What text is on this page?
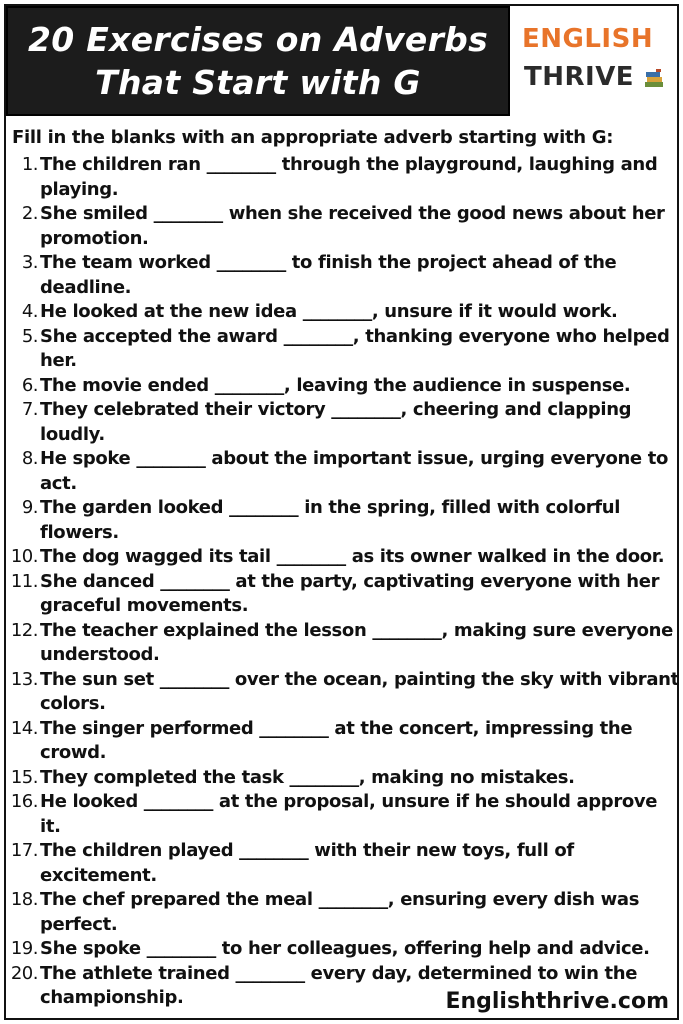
20 Exercises on Adverbs
That Start with G
ENGLISH
THRIVE

Fill in the blanks with an appropriate adverb starting with G:

1. The children ran ________ through the playground, laughing and playing.
2. She smiled ________ when she received the good news about her promotion.
3. The team worked ________ to finish the project ahead of the deadline.
4. He looked at the new idea ________, unsure if it would work.
5. She accepted the award ________, thanking everyone who helped her.
6. The movie ended ________, leaving the audience in suspense.
7. They celebrated their victory ________, cheering and clapping loudly.
8. He spoke ________ about the important issue, urging everyone to act.
9. The garden looked ________ in the spring, filled with colorful flowers.
10. The dog wagged its tail ________ as its owner walked in the door.
11. She danced ________ at the party, captivating everyone with her graceful movements.
12. The teacher explained the lesson ________, making sure everyone understood.
13. The sun set ________ over the ocean, painting the sky with vibrant colors.
14. The singer performed ________ at the concert, impressing the crowd.
15. They completed the task ________, making no mistakes.
16. He looked ________ at the proposal, unsure if he should approve it.
17. The children played ________ with their new toys, full of excitement.
18. The chef prepared the meal ________, ensuring every dish was perfect.
19. She spoke ________ to her colleagues, offering help and advice.
20. The athlete trained ________ every day, determined to win the championship.	Englishthrive.com
